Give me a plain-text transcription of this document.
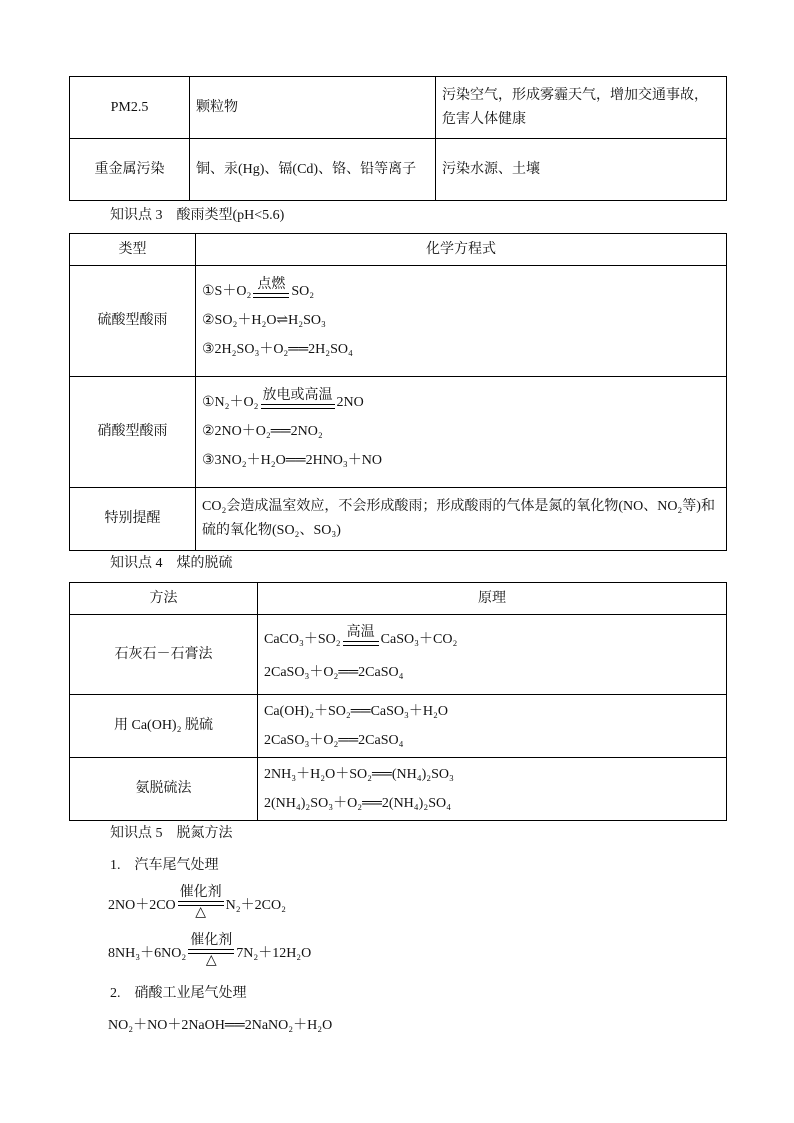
PM2.5	颗粒物	污染空气，形成雾霾天气，增加交通事故，危害人体健康
重金属污染	铜、汞(Hg)、镉(Cd)、铬、铅等离子	污染水源、土壤
知识点 3　酸雨类型(pH<5.6)
类型	化学方程式
硫酸型酸雨	①S＋O₂ 点燃 SO₂
②SO₂＋H₂O⇌H₂SO₃
③2H₂SO₃＋O₂══2H₂SO₄

硝酸型酸雨	①N₂＋O₂ 放电或高温 2NO
②2NO＋O₂══2NO₂
③3NO₂＋H₂O══2HNO₃＋NO

特别提醒	CO₂会造成温室效应，不会形成酸雨；形成酸雨的气体是氮的氧化物(NO、NO₂等)和硫的氧化物(SO₂、SO₃)
知识点 4　煤的脱硫
方法	原理
石灰石－石膏法	CaCO₃＋SO₂ 高温 CaSO₃＋CO₂
2CaSO₃＋O₂══2CaSO₄

用 Ca(OH)₂ 脱硫	Ca(OH)₂＋SO₂══CaSO₃＋H₂O
2CaSO₃＋O₂══2CaSO₄

氨脱硫法	2NH₃＋H₂O＋SO₂══(NH₄)₂SO₃
2(NH₄)₂SO₃＋O₂══2(NH₄)₂SO₄
知识点 5　脱氮方法
1.　汽车尾气处理
2NO＋2CO
催化剂
△ N₂＋2CO₂
8NH₃＋6NO₂
催化剂
△ 7N₂＋12H₂O
2.　硝酸工业尾气处理
NO₂＋NO＋2NaOH══2NaNO₂＋H₂O
